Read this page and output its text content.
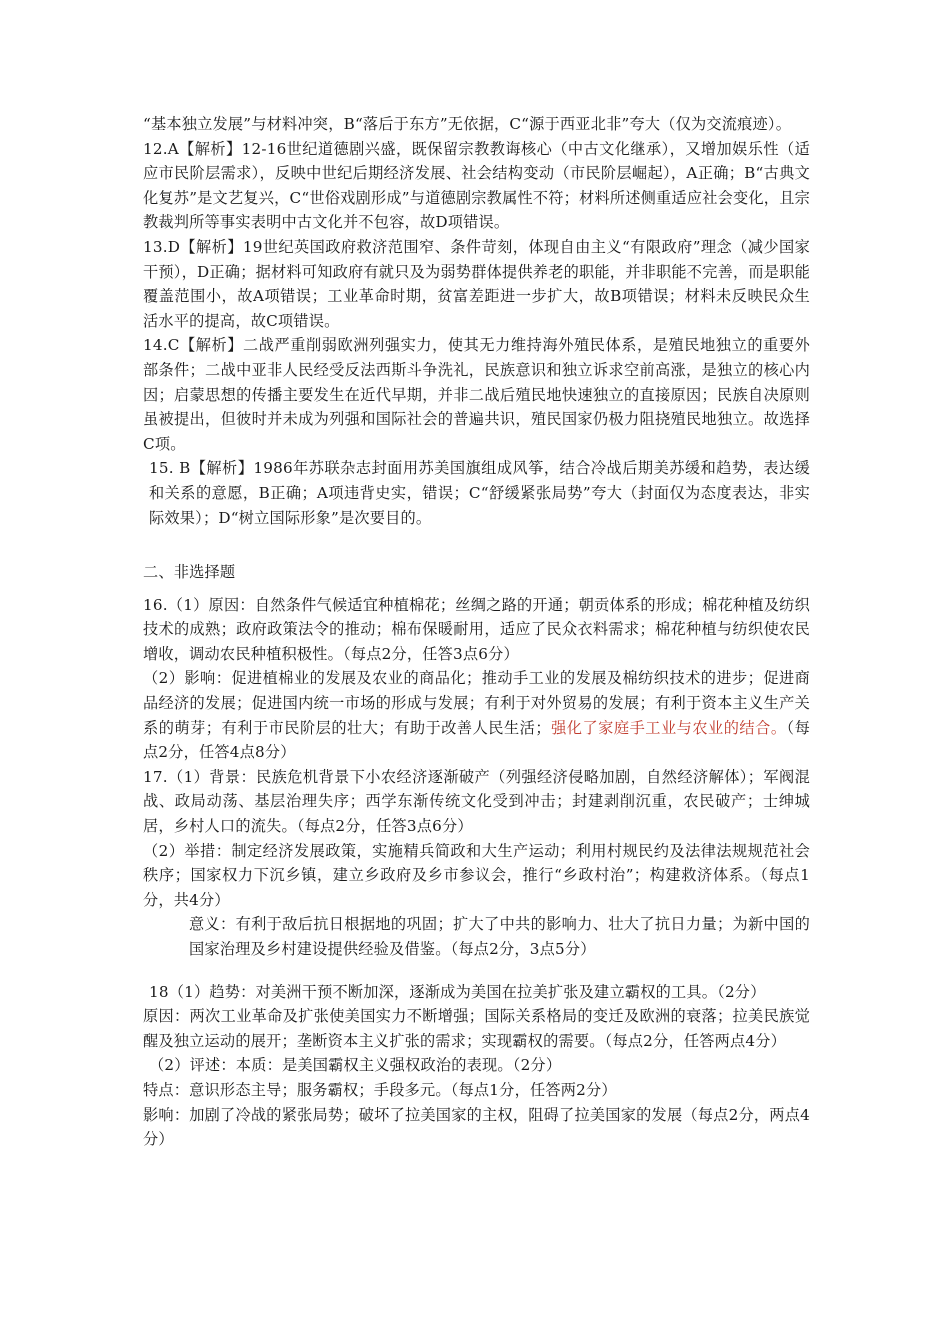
“基本独立发展”与材料冲突，B“落后于东方”无依据，C“源于西亚北非”夸大（仅为交流痕迹）。

12.A【解析】12-16世纪道德剧兴盛，既保留宗教教诲核心（中古文化继承），又增加娱乐性（适应市民阶层需求），反映中世纪后期经济发展、社会结构变动（市民阶层崛起），A正确；B“古典文化复苏”是文艺复兴，C“世俗戏剧形成”与道德剧宗教属性不符；材料所述侧重适应社会变化，且宗教裁判所等事实表明中古文化并不包容，故D项错误。

13.D【解析】19世纪英国政府救济范围窄、条件苛刻，体现自由主义“有限政府”理念（减少国家干预），D正确；据材料可知政府有就只及为弱势群体提供养老的职能，并非职能不完善，而是职能覆盖范围小，故A项错误；工业革命时期，贫富差距进一步扩大，故B项错误；材料未反映民众生活水平的提高，故C项错误。

14.C【解析】二战严重削弱欧洲列强实力，使其无力维持海外殖民体系，是殖民地独立的重要外部条件；二战中亚非人民经受反法西斯斗争洗礼，民族意识和独立诉求空前高涨，是独立的核心内因；启蒙思想的传播主要发生在近代早期，并非二战后殖民地快速独立的直接原因；民族自决原则虽被提出，但彼时并未成为列强和国际社会的普遍共识，殖民国家仍极力阻挠殖民地独立。故选择C项。

15. B【解析】1986年苏联杂志封面用苏美国旗组成风筝，结合冷战后期美苏缓和趋势，表达缓和关系的意愿，B正确；A项违背史实，错误；C“舒缓紧张局势”夸大（封面仅为态度表达，非实际效果）；D“树立国际形象”是次要目的。

二、非选择题

16.（1）原因：自然条件气候适宜种植棉花；丝绸之路的开通；朝贡体系的形成；棉花种植及纺织技术的成熟；政府政策法令的推动；棉布保暖耐用，适应了民众衣料需求；棉花种植与纺织使农民增收，调动农民种植积极性。（每点2分，任答3点6分）

（2）影响：促进植棉业的发展及农业的商品化；推动手工业的发展及棉纺织技术的进步；促进商品经济的发展；促进国内统一市场的形成与发展；有利于对外贸易的发展；有利于资本主义生产关系的萌芽；有利于市民阶层的壮大；有助于改善人民生活；强化了家庭手工业与农业的结合。（每点2分，任答4点8分）

17.（1）背景：民族危机背景下小农经济逐渐破产（列强经济侵略加剧，自然经济解体）；军阀混战、政局动荡、基层治理失序；西学东渐传统文化受到冲击；封建剥削沉重，农民破产；士绅城居，乡村人口的流失。（每点2分，任答3点6分）

（2）举措：制定经济发展政策，实施精兵简政和大生产运动；利用村规民约及法律法规规范社会秩序；国家权力下沉乡镇，建立乡政府及乡市参议会，推行“乡政村治”；构建救济体系。（每点1分，共4分）

意义：有利于敌后抗日根据地的巩固；扩大了中共的影响力、壮大了抗日力量；为新中国的国家治理及乡村建设提供经验及借鉴。（每点2分，3点5分）

18（1）趋势：对美洲干预不断加深，逐渐成为美国在拉美扩张及建立霸权的工具。（2分）

原因：两次工业革命及扩张使美国实力不断增强；国际关系格局的变迁及欧洲的衰落；拉美民族觉醒及独立运动的展开；垄断资本主义扩张的需求；实现霸权的需要。（每点2分，任答两点4分）

（2）评述：本质：是美国霸权主义强权政治的表现。（2分）

特点：意识形态主导；服务霸权；手段多元。（每点1分，任答两2分）

影响：加剧了冷战的紧张局势；破坏了拉美国家的主权，阻碍了拉美国家的发展（每点2分，两点4分）
